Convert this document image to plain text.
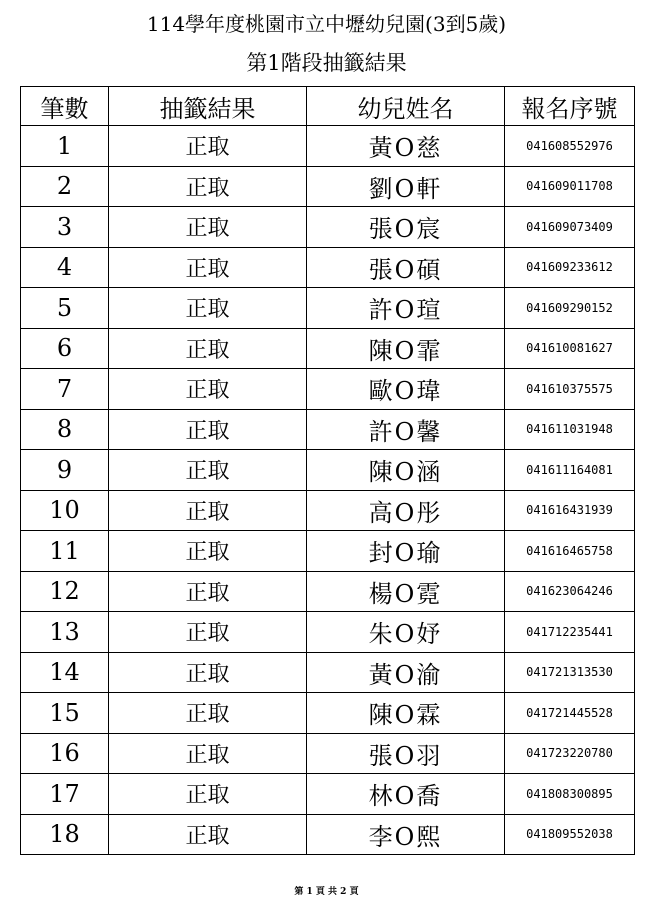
114學年度桃園市立中壢幼兒園(3到5歲)
第1階段抽籤結果
筆數	抽籤結果	幼兒姓名	報名序號
1	正取	黃O慈	041608552976
2	正取	劉O軒	041609011708
3	正取	張O宸	041609073409
4	正取	張O碩	041609233612
5	正取	許O瑄	041609290152
6	正取	陳O霏	041610081627
7	正取	歐O瑋	041610375575
8	正取	許O馨	041611031948
9	正取	陳O涵	041611164081
10	正取	高O彤	041616431939
11	正取	封O瑜	041616465758
12	正取	楊O霓	041623064246
13	正取	朱O妤	041712235441
14	正取	黃O渝	041721313530
15	正取	陳O霖	041721445528
16	正取	張O羽	041723220780
17	正取	林O喬	041808300895
18	正取	李O熙	041809552038
第 1 頁 共 2 頁
